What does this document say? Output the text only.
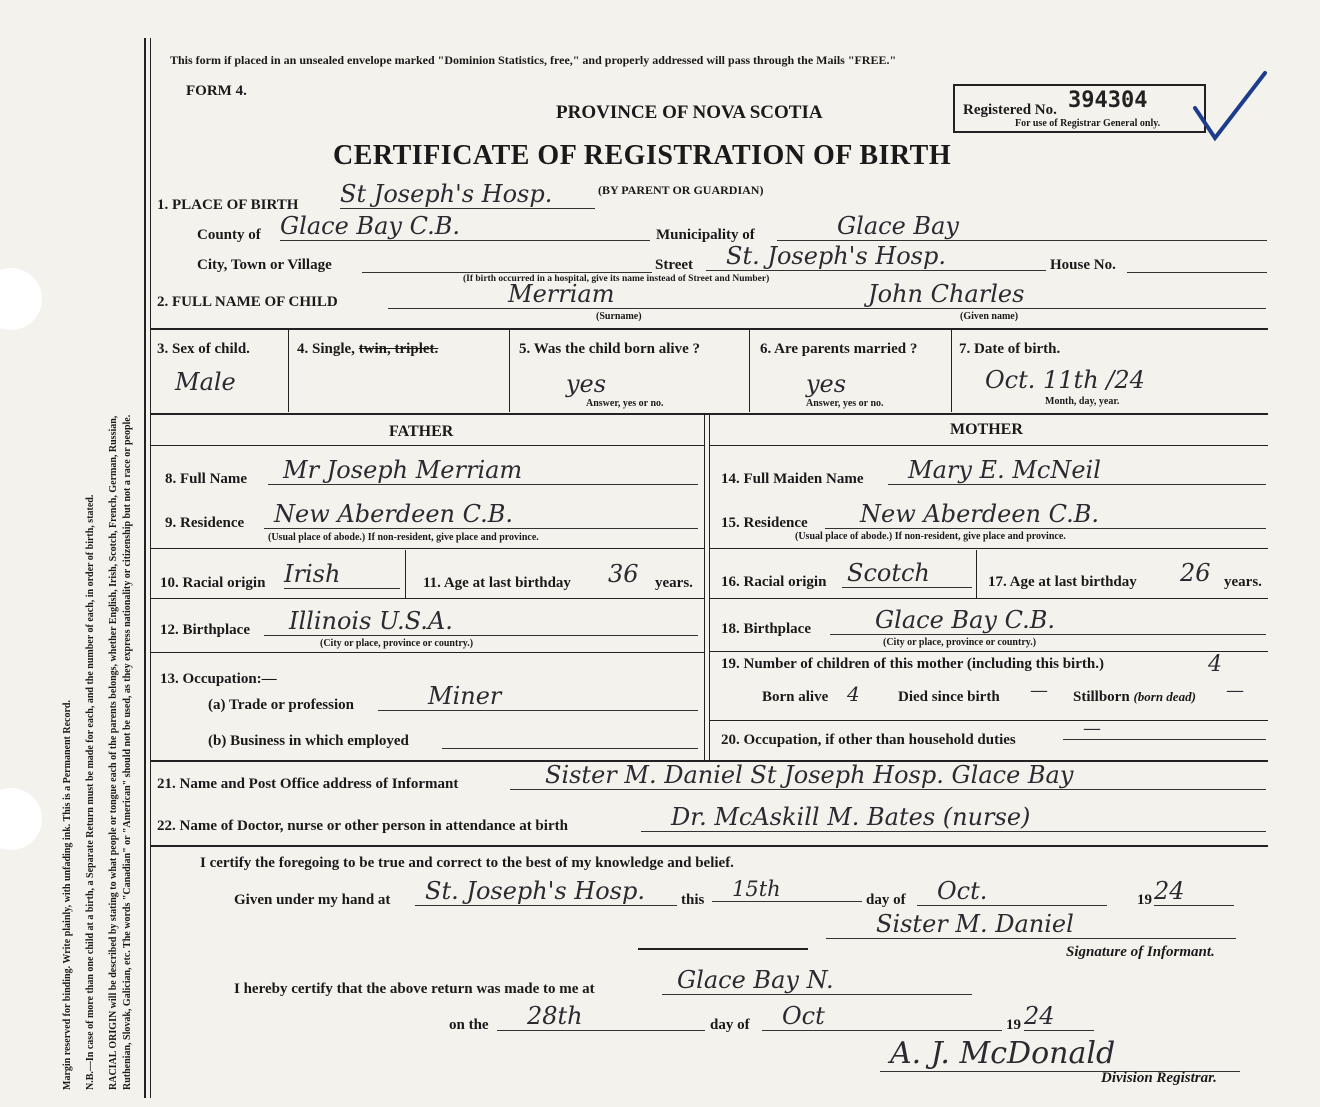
Margin reserved for binding. Write plainly, with unfading ink. This is a Permanent Record. N.B.—In case of more than one child at a birth, a Separate Return must be made for each, and the number of each, in order of birth, stated. RACIAL ORIGIN will be described by stating to what people or tongue each of the parents belongs, whether English, Irish, Scotch, French, German, Russian, Ruthenian, Slovak, Galician, etc. The words "Canadian" or "American" should not be used, as they express nationality or citizenship but not a race or people.
This form if placed in an unsealed envelope marked "Dominion Statistics, free," and properly addressed will pass through the Mails "FREE."
FORM 4.
PROVINCE OF NOVA SCOTIA
CERTIFICATE OF REGISTRATION OF BIRTH
(BY PARENT OR GUARDIAN)
Registered No. 394304
For use of Registrar General only.
1. PLACE OF BIRTH St Joseph's Hosp.
County of Glace Bay C.B.	Municipality of	Glace Bay
City, Town or Village	Street	St. Joseph's Hosp.	House No.
(If birth occurred in a hospital, give its name instead of Street and Number)
2. FULL NAME OF CHILD	Merriam
(Surname)
John Charles
(Given name)
3. Sex of child.
Male
4. Single, twin, triplet.	5. Was the child born alive ?
yes
Answer, yes or no.
6. Are parents married ?
yes
Answer, yes or no.
7. Date of birth.
Oct. 11th /24
Month, day, year.
FATHER	MOTHER
8. Full Name	Mr Joseph Merriam
9. Residence	New Aberdeen C.B.
(Usual place of abode.) If non-resident, give place and province.
10. Racial origin Irish	11. Age at last birthday 36 years.
12. Birthplace	Illinois U.S.A.
(City or place, province or country.)
13. Occupation:—
(a) Trade or profession	Miner
(b) Business in which employed
14. Full Maiden Name	Mary E. McNeil
15. Residence	New Aberdeen C.B.
(Usual place of abode.) If non-resident, give place and province.
16. Racial origin Scotch	17. Age at last birthday 26 years.
18. Birthplace	Glace Bay C.B.
(City or place, province or country.)
19. Number of children of this mother (including this birth.)	4
Born alive 4	Died since birth — Stillborn (born dead) —
20. Occupation, if other than household duties
—
21. Name and Post Office address of Informant	Sister M. Daniel St Joseph Hosp. Glace Bay
22. Name of Doctor, nurse or other person in attendance at birth	Dr. McAskill M. Bates (nurse)
I certify the foregoing to be true and correct to the best of my knowledge and belief.
Given under my hand at	St. Joseph's Hosp.	this	15th	day of	Oct.	19 24
Sister M. Daniel
Signature of Informant.
I hereby certify that the above return was made to me at	Glace Bay N.
on the	28th	day of	Oct	19 24
A. J. McDonald
Division Registrar.
